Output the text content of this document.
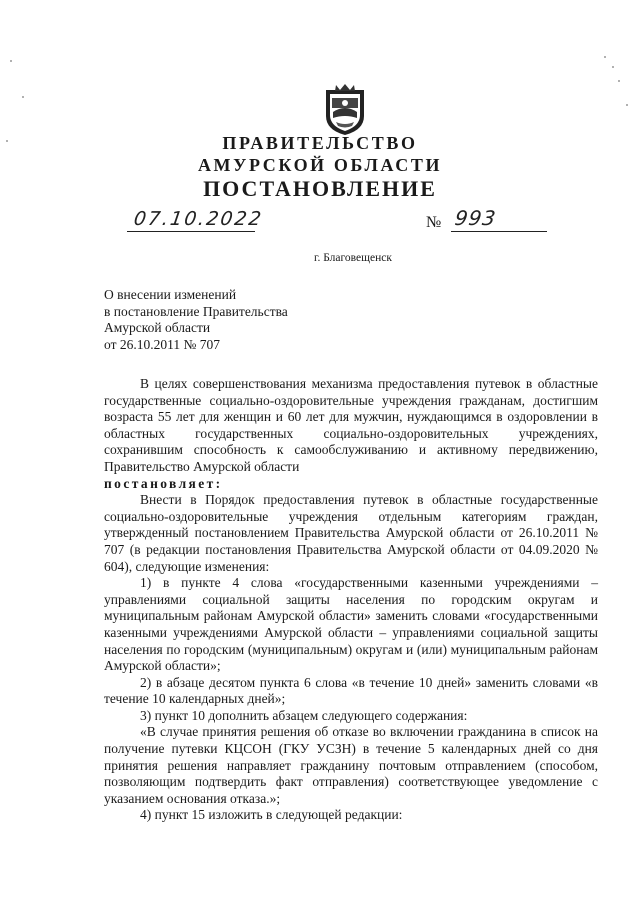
ПРАВИТЕЛЬСТВО
АМУРСКОЙ ОБЛАСТИ
ПОСТАНОВЛЕНИЕ
07.10.2022	№ 993
г. Благовещенск
О внесении изменений
в постановление Правительства
Амурской области
от 26.10.2011 № 707

В целях совершенствования механизма предоставления путевок в областные государственные социально-оздоровительные учреждения гражданам, достигшим возраста 55 лет для женщин и 60 лет для мужчин, нуждающимся в оздоровлении в областных государственных социально-оздоровительных учреждениях, сохранившим способность к самообслуживанию и активному передвижению, Правительство Амурской области

постановляет:

Внести в Порядок предоставления путевок в областные государственные социально-оздоровительные учреждения отдельным категориям граждан, утвержденный постановлением Правительства Амурской области от 26.10.2011 № 707 (в редакции постановления Правительства Амурской области от 04.09.2020 № 604), следующие изменения:

1) в пункте 4 слова «государственными казенными учреждениями – управлениями социальной защиты населения по городским округам и муниципальным районам Амурской области» заменить словами «государственными казенными учреждениями Амурской области – управлениями социальной защиты населения по городским (муниципальным) округам и (или) муниципальным районам Амурской области»;

2) в абзаце десятом пункта 6 слова «в течение 10 дней» заменить словами «в течение 10 календарных дней»;

3) пункт 10 дополнить абзацем следующего содержания:

«В случае принятия решения об отказе во включении гражданина в список на получение путевки КЦСОН (ГКУ УСЗН) в течение 5 календарных дней со дня принятия решения направляет гражданину почтовым отправлением (способом, позволяющим подтвердить факт отправления) соответствующее уведомление с указанием основания отказа.»;

4) пункт 15 изложить в следующей редакции:
